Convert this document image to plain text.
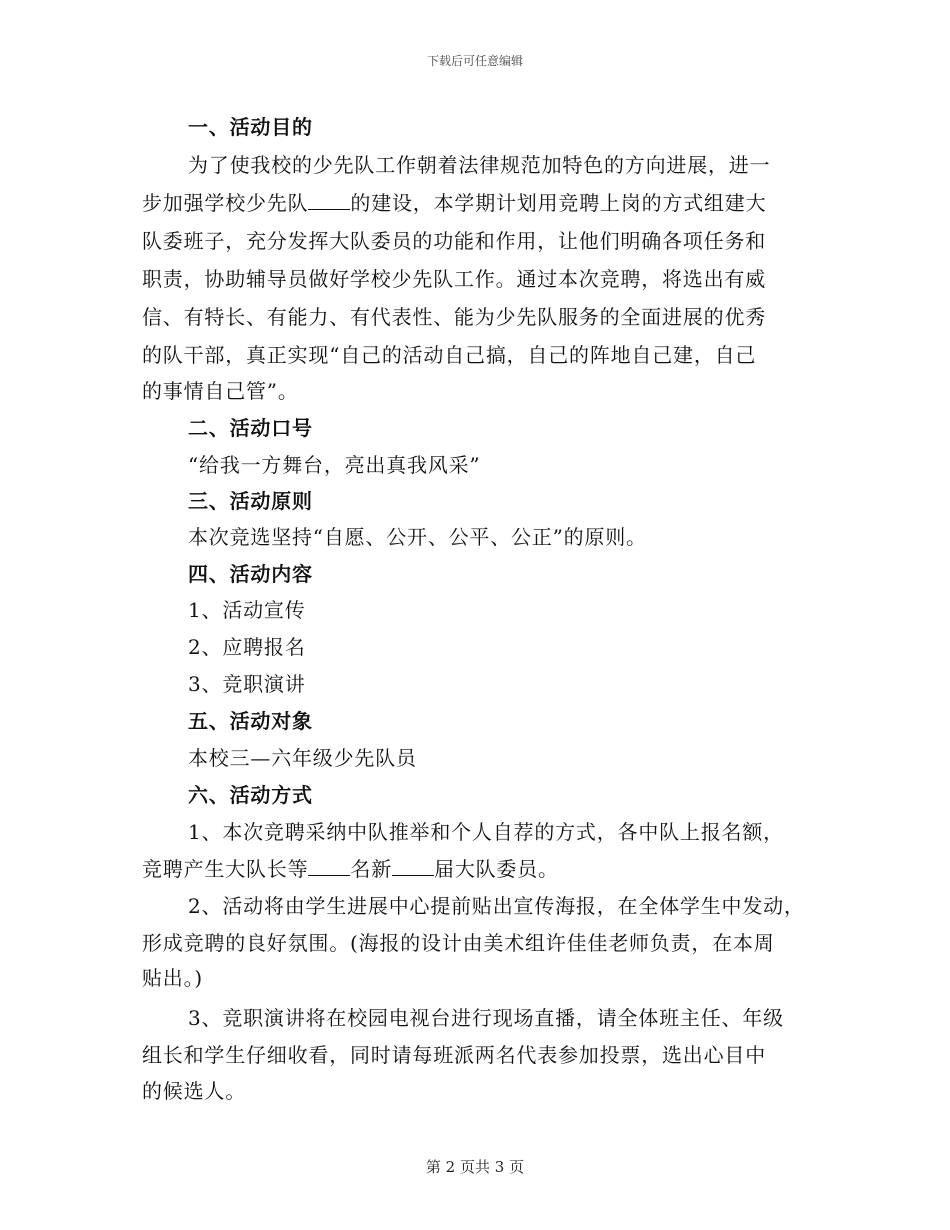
下载后可任意编辑
一、活动目的
为了使我校的少先队工作朝着法律规范加特色的方向进展，进一
步加强学校少先队 的建设，本学期计划用竞聘上岗的方式组建大
队委班子，充分发挥大队委员的功能和作用，让他们明确各项任务和
职责，协助辅导员做好学校少先队工作。通过本次竞聘，将选出有威
信、有特长、有能力、有代表性、能为少先队服务的全面进展的优秀
的队干部，真正实现“自己的活动自己搞，自己的阵地自己建，自己
的事情自己管”。
二、活动口号
“给我一方舞台，亮出真我风采”
三、活动原则
本次竞选坚持“自愿、公开、公平、公正”的原则。
四、活动内容
1、活动宣传
2、应聘报名
3、竞职演讲
五、活动对象
本校三—六年级少先队员
六、活动方式
1、本次竞聘采纳中队推举和个人自荐的方式，各中队上报名额，
竞聘产生大队长等 名新 届大队委员。
2、活动将由学生进展中心提前贴出宣传海报，在全体学生中发动，
形成竞聘的良好氛围。(海报的设计由美术组许佳佳老师负责，在本周
贴出。)
3、竞职演讲将在校园电视台进行现场直播，请全体班主任、年级
组长和学生仔细收看，同时请每班派两名代表参加投票，选出心目中
的候选人。
第 2 页共 3 页
